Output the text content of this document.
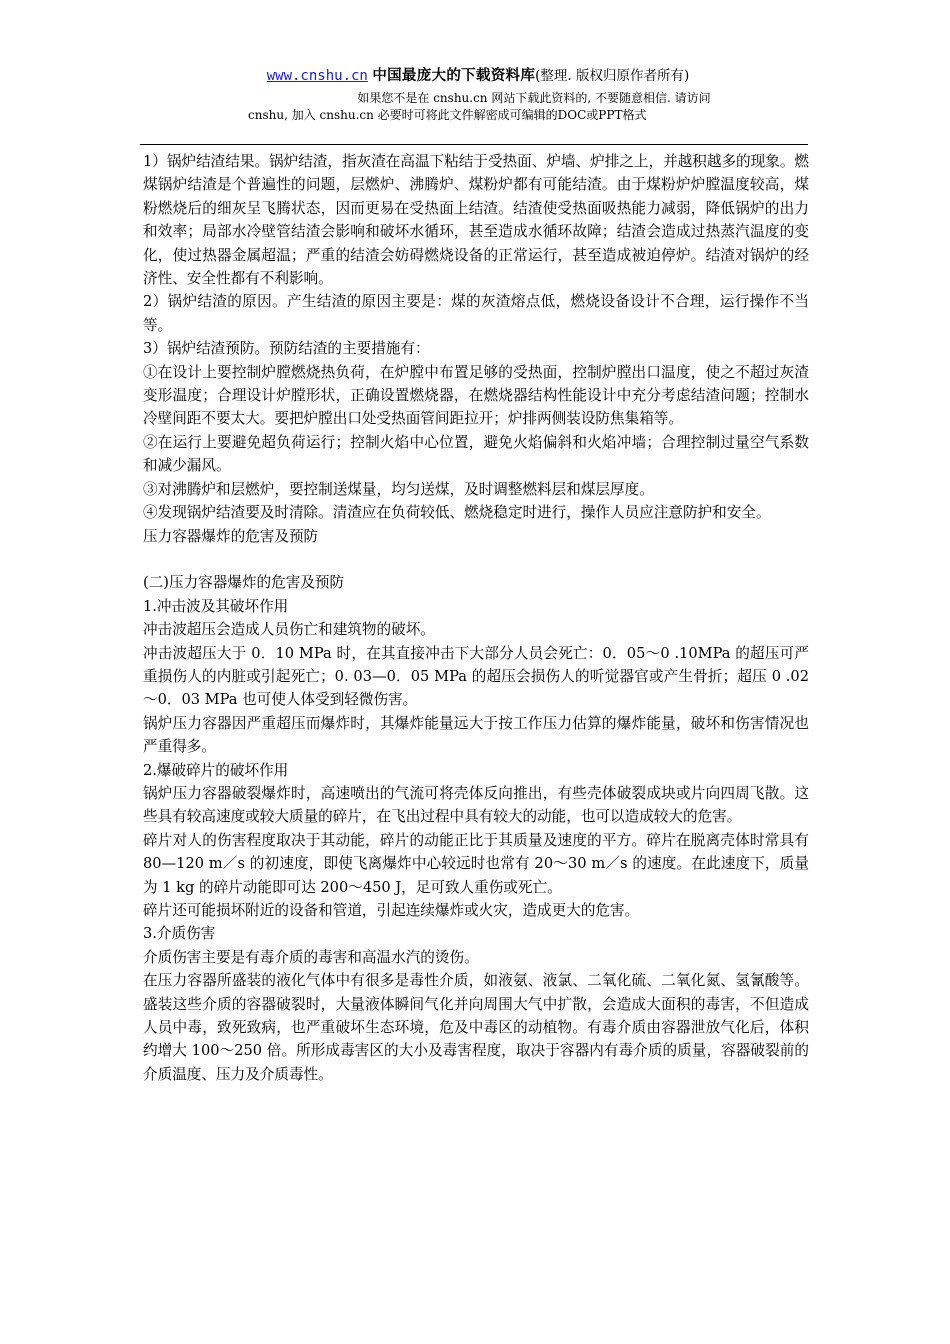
www.cnshu.cn 中国最庞大的下载资料库(整理. 版权归原作者所有)
如果您不是在 cnshu.cn 网站下载此资料的, 不要随意相信. 请访问
cnshu, 加入 cnshu.cn 必要时可将此文件解密成可编辑的DOC或PPT格式

1）锅炉结渣结果。锅炉结渣，指灰渣在高温下粘结于受热面、炉墙、炉排之上，并越积越多的现象。燃煤锅炉结渣是个普遍性的问题，层燃炉、沸腾炉、煤粉炉都有可能结渣。由于煤粉炉炉膛温度较高，煤粉燃烧后的细灰呈飞腾状态，因而更易在受热面上结渣。结渣使受热面吸热能力减弱，降低锅炉的出力和效率；局部水冷壁管结渣会影响和破坏水循环，甚至造成水循环故障；结渣会造成过热蒸汽温度的变化，使过热器金属超温；严重的结渣会妨碍燃烧设备的正常运行，甚至造成被迫停炉。结渣对锅炉的经济性、安全性都有不利影响。

2）锅炉结渣的原因。产生结渣的原因主要是：煤的灰渣熔点低，燃烧设备设计不合理，运行操作不当等。

3）锅炉结渣预防。预防结渣的主要措施有：

①在设计上要控制炉膛燃烧热负荷，在炉膛中布置足够的受热面，控制炉膛出口温度，使之不超过灰渣变形温度；合理设计炉膛形状，正确设置燃烧器，在燃烧器结构性能设计中充分考虑结渣问题；控制水冷壁间距不要太大。要把炉膛出口处受热面管间距拉开；炉排两侧装设防焦集箱等。

②在运行上要避免超负荷运行；控制火焰中心位置，避免火焰偏斜和火焰冲墙；合理控制过量空气系数和减少漏风。

③对沸腾炉和层燃炉，要控制送煤量，均匀送煤，及时调整燃料层和煤层厚度。

④发现锅炉结渣要及时清除。清渣应在负荷较低、燃烧稳定时进行，操作人员应注意防护和安全。

压力容器爆炸的危害及预防

(二)压力容器爆炸的危害及预防

1.冲击波及其破坏作用

冲击波超压会造成人员伤亡和建筑物的破坏。

冲击波超压大于 0．10 MPa 时，在其直接冲击下大部分人员会死亡：0．05～0 .10MPa 的超压可严重损伤人的内脏或引起死亡；0. 03—0．05 MPa 的超压会损伤人的听觉器官或产生骨折；超压 0 .02～0．03 MPa 也可使人体受到轻微伤害。

锅炉压力容器因严重超压而爆炸时，其爆炸能量远大于按工作压力估算的爆炸能量，破坏和伤害情况也严重得多。

2.爆破碎片的破坏作用

锅炉压力容器破裂爆炸时，高速喷出的气流可将壳体反向推出，有些壳体破裂成块或片向四周飞散。这些具有较高速度或较大质量的碎片，在飞出过程中具有较大的动能，也可以造成较大的危害。

碎片对人的伤害程度取决于其动能，碎片的动能正比于其质量及速度的平方。碎片在脱离壳体时常具有 80—120 m／s 的初速度，即使飞离爆炸中心较远时也常有 20～30 m／s 的速度。在此速度下，质量为 1 kg 的碎片动能即可达 200～450 J，足可致人重伤或死亡。

碎片还可能损坏附近的设备和管道，引起连续爆炸或火灾，造成更大的危害。

3.介质伤害

介质伤害主要是有毒介质的毒害和高温水汽的烫伤。

在压力容器所盛装的液化气体中有很多是毒性介质，如液氨、液氯、二氧化硫、二氧化氮、氢氰酸等。盛装这些介质的容器破裂时，大量液体瞬间气化并向周围大气中扩散，会造成大面积的毒害，不但造成人员中毒，致死致病，也严重破坏生态环境，危及中毒区的动植物。有毒介质由容器泄放气化后，体积约增大 100～250 倍。所形成毒害区的大小及毒害程度，取决于容器内有毒介质的质量，容器破裂前的介质温度、压力及介质毒性。
